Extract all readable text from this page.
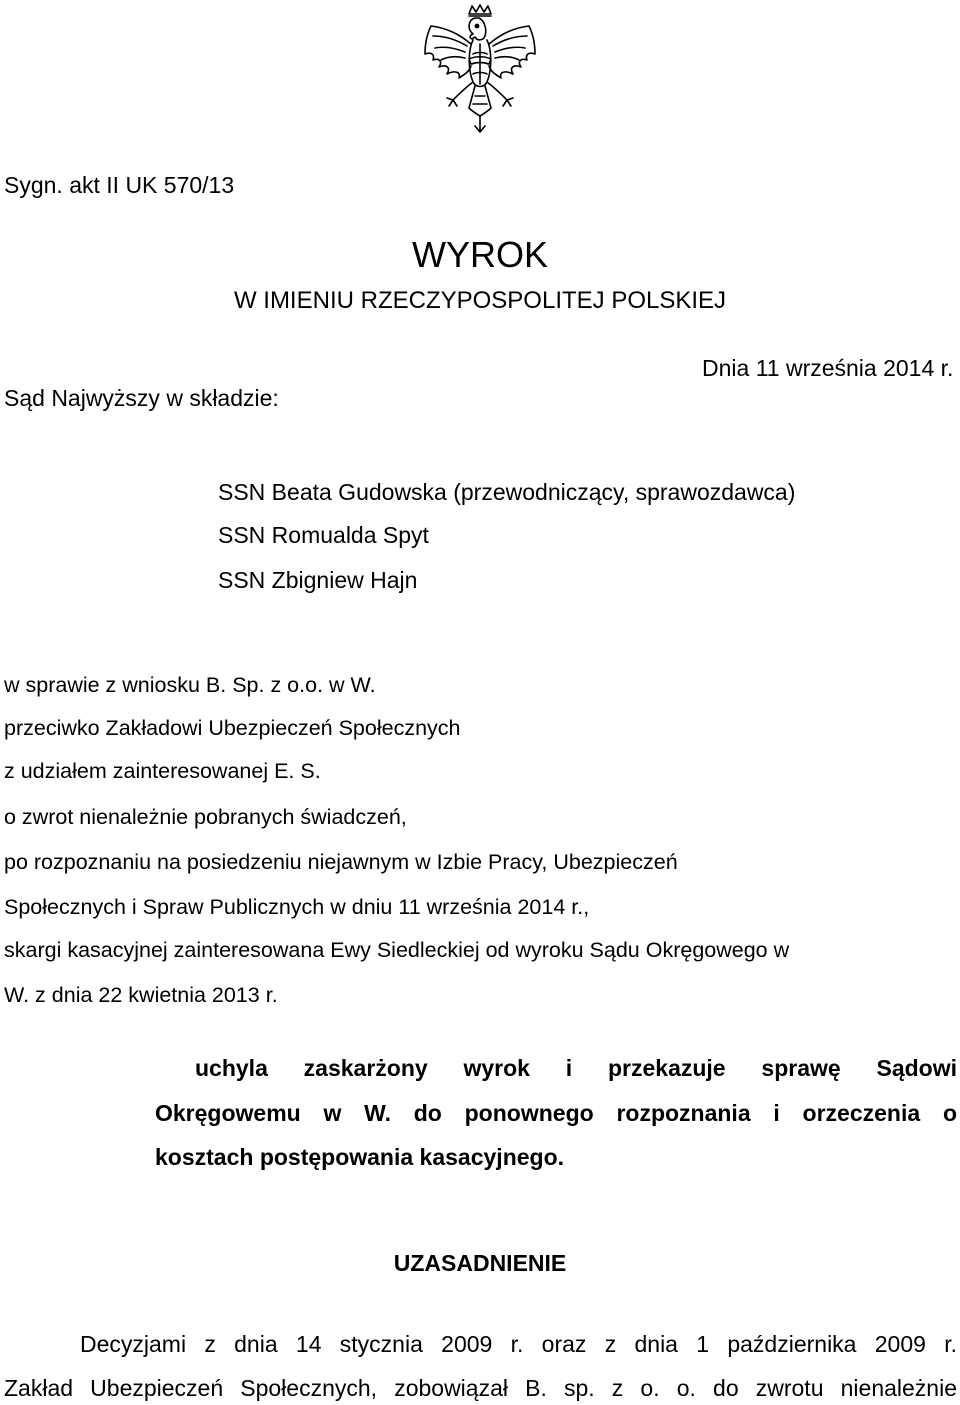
Sygn. akt II UK 570/13
WYROK
W IMIENIU RZECZYPOSPOLITEJ POLSKIEJ
Dnia 11 września 2014 r.
Sąd Najwyższy w składzie:
SSN Beata Gudowska (przewodniczący, sprawozdawca)
SSN Romualda Spyt
SSN Zbigniew Hajn
w sprawie z wniosku B. Sp. z o.o. w W.
przeciwko Zakładowi Ubezpieczeń Społecznych
z udziałem zainteresowanej E. S.
o zwrot nienależnie pobranych świadczeń,
po rozpoznaniu na posiedzeniu niejawnym w Izbie Pracy, Ubezpieczeń
Społecznych i Spraw Publicznych w dniu 11 września 2014 r.,
skargi kasacyjnej zainteresowana Ewy Siedleckiej od wyroku Sądu Okręgowego w
W. z dnia 22 kwietnia 2013 r.
uchyla zaskarżony wyrok i przekazuje sprawę Sądowi
Okręgowemu w W. do ponownego rozpoznania i orzeczenia o
kosztach postępowania kasacyjnego.
UZASADNIENIE
Decyzjami z dnia 14 stycznia 2009 r. oraz z dnia 1 października 2009 r.
Zakład Ubezpieczeń Społecznych, zobowiązał B. sp. z o. o. do zwrotu nienależnie
